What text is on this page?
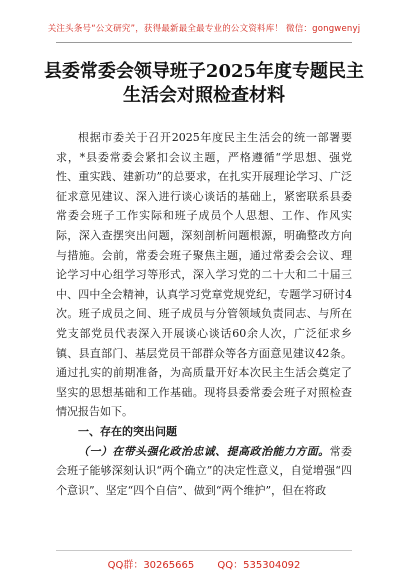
关注头条号“公文研究”，获得最新最全最专业的公文资料库！ 微信：gongwenyj
县委常委会领导班子2025年度专题民主生活会对照检查材料

根据市委关于召开2025年度民主生活会的统一部署要求，*县委常委会紧扣会议主题，严格遵循“学思想、强党性、重实践、建新功”的总要求，在扎实开展理论学习、广泛征求意见建议、深入进行谈心谈话的基础上，紧密联系县委常委会班子工作实际和班子成员个人思想、工作、作风实际，深入查摆突出问题，深刻剖析问题根源，明确整改方向与措施。会前，常委会班子聚焦主题，通过常委会会议、理论学习中心组学习等形式，深入学习党的二十大和二十届三中、四中全会精神，认真学习党章党规党纪，专题学习研讨4次。班子成员之间、班子成员与分管领域负责同志、与所在党支部党员代表深入开展谈心谈话60余人次，广泛征求乡镇、县直部门、基层党员干部群众等各方面意见建议42条。通过扎实的前期准备，为高质量开好本次民主生活会奠定了坚实的思想基础和工作基础。现将县委常委会班子对照检查情况报告如下。

一、存在的突出问题

（一）在带头强化政治忠诚、提高政治能力方面。常委会班子能够深刻认识“两个确立”的决定性意义，自觉增强“四个意识”、坚定“四个自信”、做到“两个维护”，但在将政

QQ群：30265665 QQ：535304092
